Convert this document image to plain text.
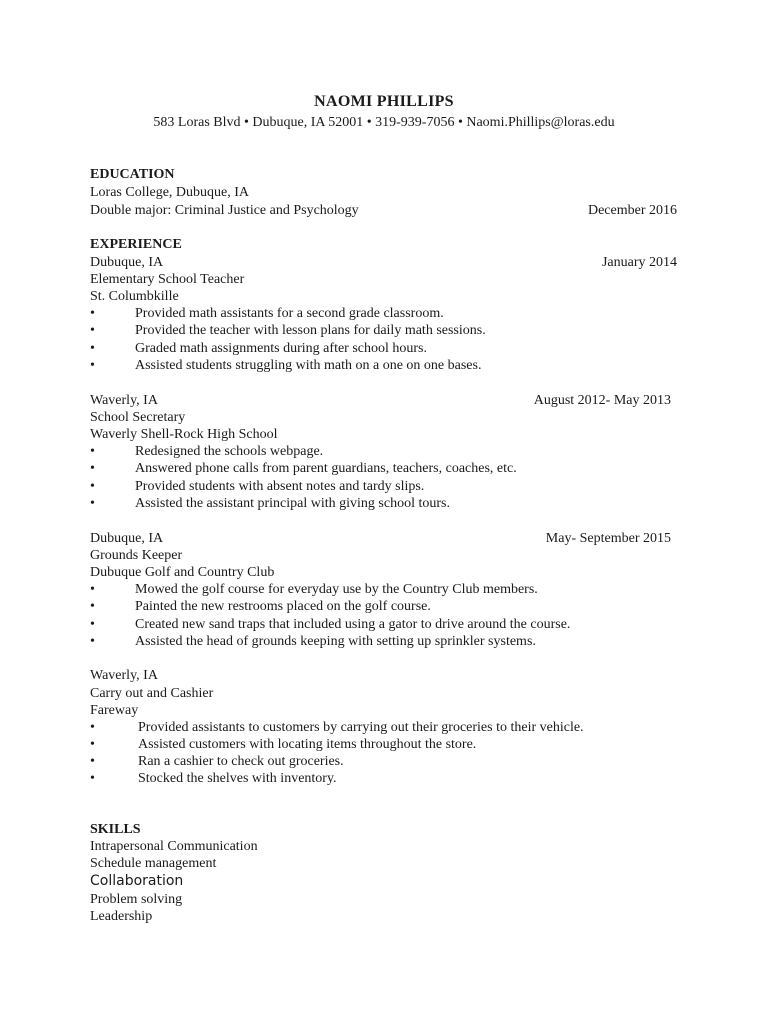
NAOMI PHILLIPS
583 Loras Blvd • Dubuque, IA 52001 • 319-939-7056 • Naomi.Phillips@loras.edu
EDUCATION
Loras College, Dubuque, IA
Double major: Criminal Justice and Psychology	December 2016
EXPERIENCE
Dubuque, IA	January 2014
Elementary School Teacher
St. Columbkille
•	Provided math assistants for a second grade classroom.
•	Provided the teacher with lesson plans for daily math sessions.
•	Graded math assignments during after school hours.
•	Assisted students struggling with math on a one on one bases.
Waverly, IA	August 2012- May 2013
School Secretary
Waverly Shell-Rock High School
•	Redesigned the schools webpage.
•	Answered phone calls from parent guardians, teachers, coaches, etc.
•	Provided students with absent notes and tardy slips.
•	Assisted the assistant principal with giving school tours.
Dubuque, IA	May- September 2015
Grounds Keeper
Dubuque Golf and Country Club
•	Mowed the golf course for everyday use by the Country Club members.
•	Painted the new restrooms placed on the golf course.
•	Created new sand traps that included using a gator to drive around the course.
•	Assisted the head of grounds keeping with setting up sprinkler systems.
Waverly, IA
Carry out and Cashier
Fareway
•	Provided assistants to customers by carrying out their groceries to their vehicle.
•	Assisted customers with locating items throughout the store.
•	Ran a cashier to check out groceries.
•	Stocked the shelves with inventory.
SKILLS
Intrapersonal Communication
Schedule management
Collaboration
Problem solving
Leadership
